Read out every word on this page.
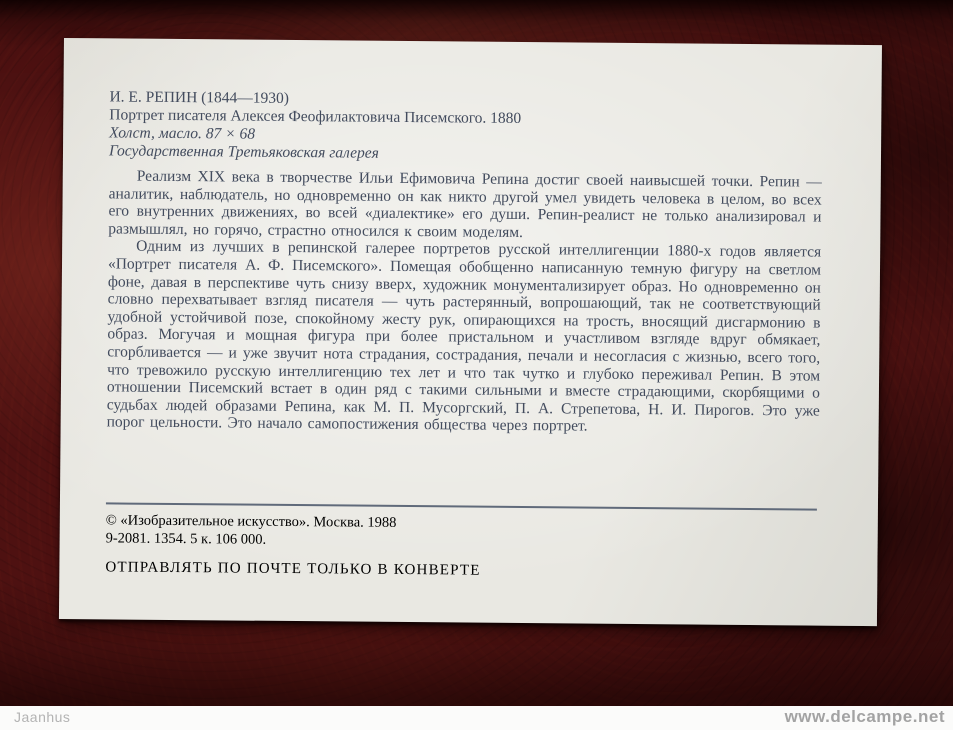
И. Е. РЕПИН (1844—1930)
Портрет писателя Алексея Феофилактовича Писемского. 1880
Холст, масло. 87 × 68
Государственная Третьяковская галерея

Реализм XIX века в творчестве Ильи Ефимовича Репина достиг своей наивысшей точки. Репин — аналитик, наблюдатель, но одновременно он как никто другой умел увидеть человека в целом, во всех его внутренних движениях, во всей «диалектике» его души. Репин-реалист не только анализировал и размышлял, но горячо, страстно относился к своим моделям.

Одним из лучших в репинской галерее портретов русской интеллигенции 1880-х годов является «Портрет писателя А. Ф. Писемского». Помещая обобщенно написанную темную фигуру на светлом фоне, давая в перспективе чуть снизу вверх, художник монументализирует образ. Но одновременно он словно перехватывает взгляд писателя — чуть растерянный, вопрошающий, так не соответствующий удобной устойчивой позе, спокойному жесту рук, опирающихся на трость, вносящий дисгармонию в образ. Могучая и мощная фигура при более пристальном и участливом взгляде вдруг обмякает, сгорбливается — и уже звучит нота страдания, сострадания, печали и несогласия с жизнью, всего того, что тревожило русскую интеллигенцию тех лет и что так чутко и глубоко переживал Репин. В этом отношении Писемский встает в один ряд с такими сильными и вместе страдающими, скорбящими о судьбах людей образами Репина, как М. П. Мусоргский, П. А. Стрепетова, Н. И. Пирогов. Это уже порог цельности. Это начало самопостижения общества через портрет.

© «Изобразительное искусство». Москва. 1988

9-2081. 1354. 5 к. 106 000.

ОТПРАВЛЯТЬ ПО ПОЧТЕ ТОЛЬКО В КОНВЕРТЕ

Jaanhus	www.delcampe.net
